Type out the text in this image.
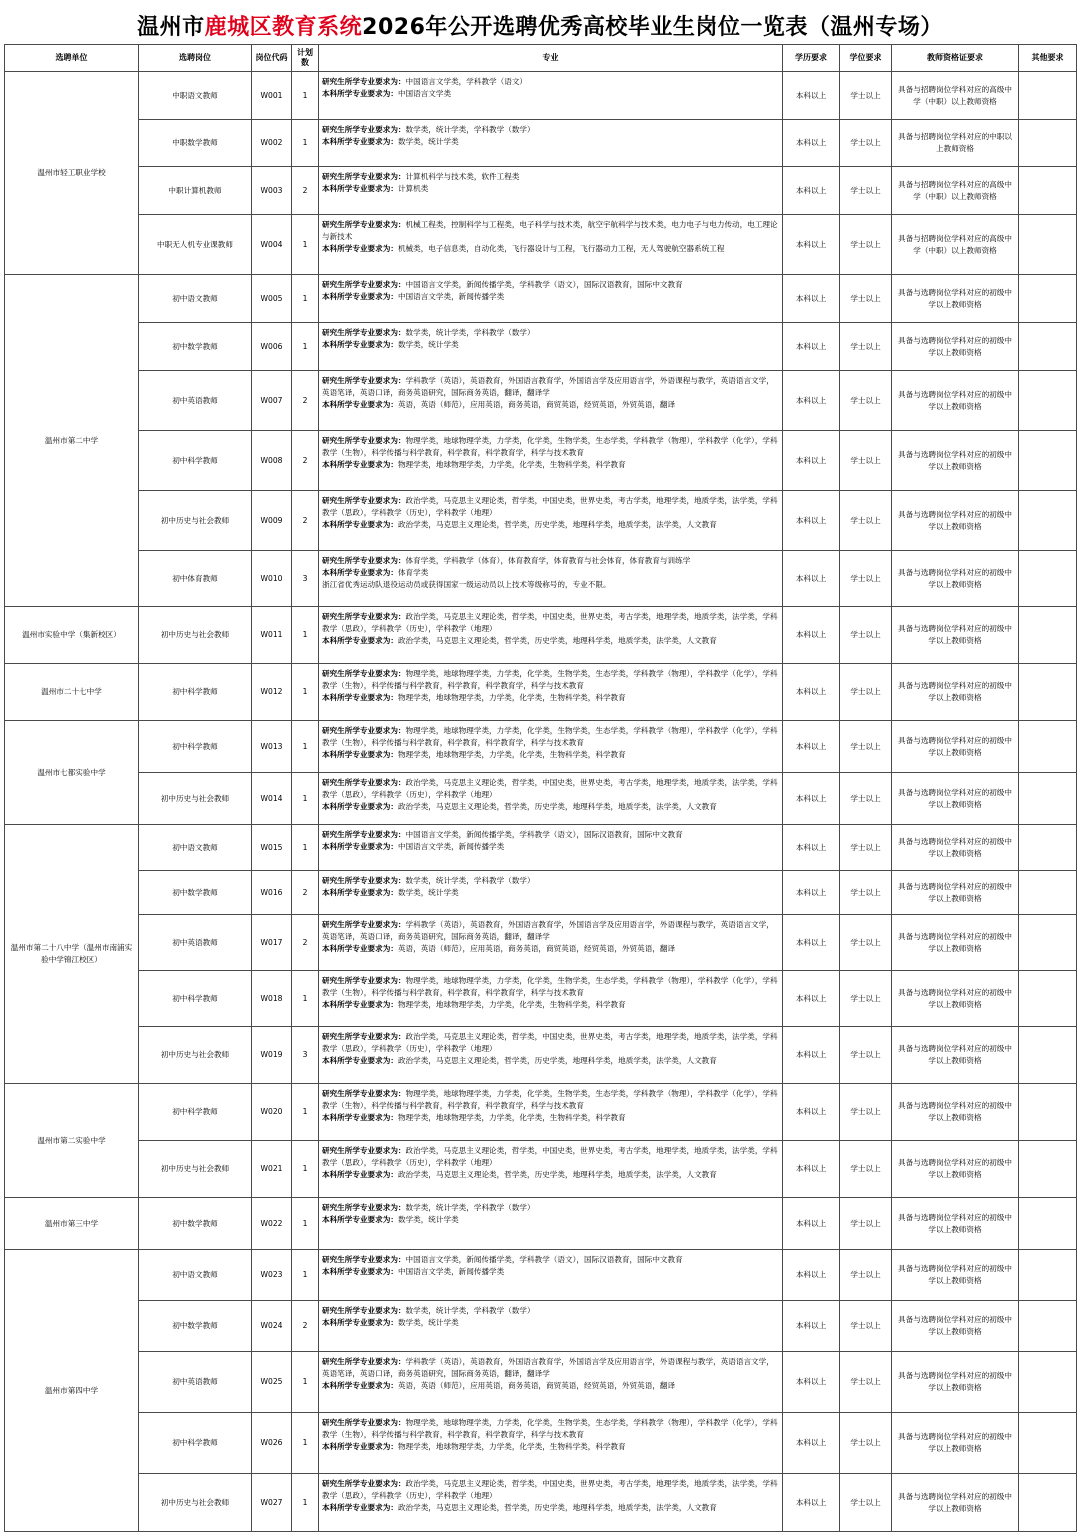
温州市 鹿城区教育系统 2026年公开选聘优秀高校毕业生岗位一览表（温州专场）
选聘单位	选聘岗位	岗位代码	计划数	专业	学历要求	学位要求	教师资格证要求	其他要求
温州市轻工职业学校	中职语文教师	W001	1	研究生所学专业要求为：中国语言文学类，学科教学（语文）
本科所学专业要求为：中国语言文学类	本科以上	学士以上	具备与招聘岗位学科对应的高级中学（中职）以上教师资格	
	中职数学教师	W002	1	研究生所学专业要求为：数学类，统计学类，学科教学（数学）
本科所学专业要求为：数学类，统计学类	本科以上	学士以上	具备与招聘岗位学科对应的中职以上教师资格	
	中职计算机教师	W003	2	研究生所学专业要求为：计算机科学与技术类，软件工程类
本科所学专业要求为：计算机类	本科以上	学士以上	具备与招聘岗位学科对应的高级中学（中职）以上教师资格	
	中职无人机专业课教师	W004	1	研究生所学专业要求为：机械工程类，控制科学与工程类，电子科学与技术类，航空宇航科学与技术类，电力电子与电力传动，电工理论与新技术
本科所学专业要求为：机械类，电子信息类，自动化类，飞行器设计与工程，飞行器动力工程，无人驾驶航空器系统工程	本科以上	学士以上	具备与招聘岗位学科对应的高级中学（中职）以上教师资格	
温州市第二中学	初中语文教师	W005	1	研究生所学专业要求为：中国语言文学类，新闻传播学类，学科教学（语文），国际汉语教育，国际中文教育
本科所学专业要求为：中国语言文学类，新闻传播学类	本科以上	学士以上	具备与选聘岗位学科对应的初级中学以上教师资格	
	初中数学教师	W006	1	研究生所学专业要求为：数学类，统计学类，学科教学（数学）
本科所学专业要求为：数学类，统计学类	本科以上	学士以上	具备与选聘岗位学科对应的初级中学以上教师资格	
	初中英语教师	W007	2	研究生所学专业要求为：学科教学（英语），英语教育，外国语言教育学，外国语言学及应用语言学，外语课程与教学，英语语言文学，英语笔译，英语口译，商务英语研究，国际商务英语，翻译，翻译学
本科所学专业要求为：英语，英语（师范），应用英语，商务英语，商贸英语，经贸英语，外贸英语，翻译	本科以上	学士以上	具备与选聘岗位学科对应的初级中学以上教师资格	
	初中科学教师	W008	2	研究生所学专业要求为：物理学类，地球物理学类，力学类，化学类，生物学类，生态学类，学科教学（物理），学科教学（化学），学科教学（生物），科学传播与科学教育，科学教育，科学教育学，科学与技术教育
本科所学专业要求为：物理学类，地球物理学类，力学类，化学类，生物科学类，科学教育	本科以上	学士以上	具备与选聘岗位学科对应的初级中学以上教师资格	
	初中历史与社会教师	W009	2	研究生所学专业要求为：政治学类，马克思主义理论类，哲学类，中国史类，世界史类，考古学类，地理学类，地质学类，法学类，学科教学（思政），学科教学（历史），学科教学（地理）
本科所学专业要求为：政治学类，马克思主义理论类，哲学类，历史学类，地理科学类，地质学类，法学类，人文教育	本科以上	学士以上	具备与选聘岗位学科对应的初级中学以上教师资格	
	初中体育教师	W010	3	研究生所学专业要求为：体育学类，学科教学（体育），体育教育学，体育教育与社会体育，体育教育与训练学
本科所学专业要求为：体育学类
浙江省优秀运动队退役运动员或获得国家一级运动员以上技术等级称号的，专业不限。	本科以上	学士以上	具备与选聘岗位学科对应的初级中学以上教师资格	
温州市实验中学（集新校区）	初中历史与社会教师	W011	1	研究生所学专业要求为：政治学类，马克思主义理论类，哲学类，中国史类，世界史类，考古学类，地理学类，地质学类，法学类，学科教学（思政），学科教学（历史），学科教学（地理）
本科所学专业要求为：政治学类，马克思主义理论类，哲学类，历史学类，地理科学类，地质学类，法学类，人文教育	本科以上	学士以上	具备与选聘岗位学科对应的初级中学以上教师资格	
温州市二十七中学	初中科学教师	W012	1	研究生所学专业要求为：物理学类，地球物理学类，力学类，化学类，生物学类，生态学类，学科教学（物理），学科教学（化学），学科教学（生物），科学传播与科学教育，科学教育，科学教育学，科学与技术教育
本科所学专业要求为：物理学类，地球物理学类，力学类，化学类，生物科学类，科学教育	本科以上	学士以上	具备与选聘岗位学科对应的初级中学以上教师资格	
温州市七都实验中学	初中科学教师	W013	1	研究生所学专业要求为：物理学类，地球物理学类，力学类，化学类，生物学类，生态学类，学科教学（物理），学科教学（化学），学科教学（生物），科学传播与科学教育，科学教育，科学教育学，科学与技术教育
本科所学专业要求为：物理学类，地球物理学类，力学类，化学类，生物科学类，科学教育	本科以上	学士以上	具备与选聘岗位学科对应的初级中学以上教师资格	
	初中历史与社会教师	W014	1	研究生所学专业要求为：政治学类，马克思主义理论类，哲学类，中国史类，世界史类，考古学类，地理学类，地质学类，法学类，学科教学（思政），学科教学（历史），学科教学（地理）
本科所学专业要求为：政治学类，马克思主义理论类，哲学类，历史学类，地理科学类，地质学类，法学类，人文教育	本科以上	学士以上	具备与选聘岗位学科对应的初级中学以上教师资格	
温州市第二十八中学（温州市南浦实验中学锦江校区）	初中语文教师	W015	1	研究生所学专业要求为：中国语言文学类，新闻传播学类，学科教学（语文），国际汉语教育，国际中文教育
本科所学专业要求为：中国语言文学类，新闻传播学类	本科以上	学士以上	具备与选聘岗位学科对应的初级中学以上教师资格	
	初中数学教师	W016	2	研究生所学专业要求为：数学类，统计学类，学科教学（数学）
本科所学专业要求为：数学类，统计学类	本科以上	学士以上	具备与选聘岗位学科对应的初级中学以上教师资格	
	初中英语教师	W017	2	研究生所学专业要求为：学科教学（英语），英语教育，外国语言教育学，外国语言学及应用语言学，外语课程与教学，英语语言文学，英语笔译，英语口译，商务英语研究，国际商务英语，翻译，翻译学
本科所学专业要求为：英语，英语（师范），应用英语，商务英语，商贸英语，经贸英语，外贸英语，翻译	本科以上	学士以上	具备与选聘岗位学科对应的初级中学以上教师资格	
	初中科学教师	W018	1	研究生所学专业要求为：物理学类，地球物理学类，力学类，化学类，生物学类，生态学类，学科教学（物理），学科教学（化学），学科教学（生物），科学传播与科学教育，科学教育，科学教育学，科学与技术教育
本科所学专业要求为：物理学类，地球物理学类，力学类，化学类，生物科学类，科学教育	本科以上	学士以上	具备与选聘岗位学科对应的初级中学以上教师资格	
	初中历史与社会教师	W019	3	研究生所学专业要求为：政治学类，马克思主义理论类，哲学类，中国史类，世界史类，考古学类，地理学类，地质学类，法学类，学科教学（思政），学科教学（历史），学科教学（地理）
本科所学专业要求为：政治学类，马克思主义理论类，哲学类，历史学类，地理科学类，地质学类，法学类，人文教育	本科以上	学士以上	具备与选聘岗位学科对应的初级中学以上教师资格	
温州市第二实验中学	初中科学教师	W020	1	研究生所学专业要求为：物理学类，地球物理学类，力学类，化学类，生物学类，生态学类，学科教学（物理），学科教学（化学），学科教学（生物），科学传播与科学教育，科学教育，科学教育学，科学与技术教育
本科所学专业要求为：物理学类，地球物理学类，力学类，化学类，生物科学类，科学教育	本科以上	学士以上	具备与选聘岗位学科对应的初级中学以上教师资格	
	初中历史与社会教师	W021	1	研究生所学专业要求为：政治学类，马克思主义理论类，哲学类，中国史类，世界史类，考古学类，地理学类，地质学类，法学类，学科教学（思政），学科教学（历史），学科教学（地理）
本科所学专业要求为：政治学类，马克思主义理论类，哲学类，历史学类，地理科学类，地质学类，法学类，人文教育	本科以上	学士以上	具备与选聘岗位学科对应的初级中学以上教师资格	
温州市第三中学	初中数学教师	W022	1	研究生所学专业要求为：数学类，统计学类，学科教学（数学）
本科所学专业要求为：数学类，统计学类	本科以上	学士以上	具备与选聘岗位学科对应的初级中学以上教师资格	
温州市第四中学	初中语文教师	W023	1	研究生所学专业要求为：中国语言文学类，新闻传播学类，学科教学（语文），国际汉语教育，国际中文教育
本科所学专业要求为：中国语言文学类，新闻传播学类	本科以上	学士以上	具备与选聘岗位学科对应的初级中学以上教师资格	
	初中数学教师	W024	2	研究生所学专业要求为：数学类，统计学类，学科教学（数学）
本科所学专业要求为：数学类，统计学类	本科以上	学士以上	具备与选聘岗位学科对应的初级中学以上教师资格	
	初中英语教师	W025	1	研究生所学专业要求为：学科教学（英语），英语教育，外国语言教育学，外国语言学及应用语言学，外语课程与教学，英语语言文学，英语笔译，英语口译，商务英语研究，国际商务英语，翻译，翻译学
本科所学专业要求为：英语，英语（师范），应用英语，商务英语，商贸英语，经贸英语，外贸英语，翻译	本科以上	学士以上	具备与选聘岗位学科对应的初级中学以上教师资格	
	初中科学教师	W026	1	研究生所学专业要求为：物理学类，地球物理学类，力学类，化学类，生物学类，生态学类，学科教学（物理），学科教学（化学），学科教学（生物），科学传播与科学教育，科学教育，科学教育学，科学与技术教育
本科所学专业要求为：物理学类，地球物理学类，力学类，化学类，生物科学类，科学教育	本科以上	学士以上	具备与选聘岗位学科对应的初级中学以上教师资格	
	初中历史与社会教师	W027	1	研究生所学专业要求为：政治学类，马克思主义理论类，哲学类，中国史类，世界史类，考古学类，地理学类，地质学类，法学类，学科教学（思政），学科教学（历史），学科教学（地理）
本科所学专业要求为：政治学类，马克思主义理论类，哲学类，历史学类，地理科学类，地质学类，法学类，人文教育	本科以上	学士以上	具备与选聘岗位学科对应的初级中学以上教师资格	
